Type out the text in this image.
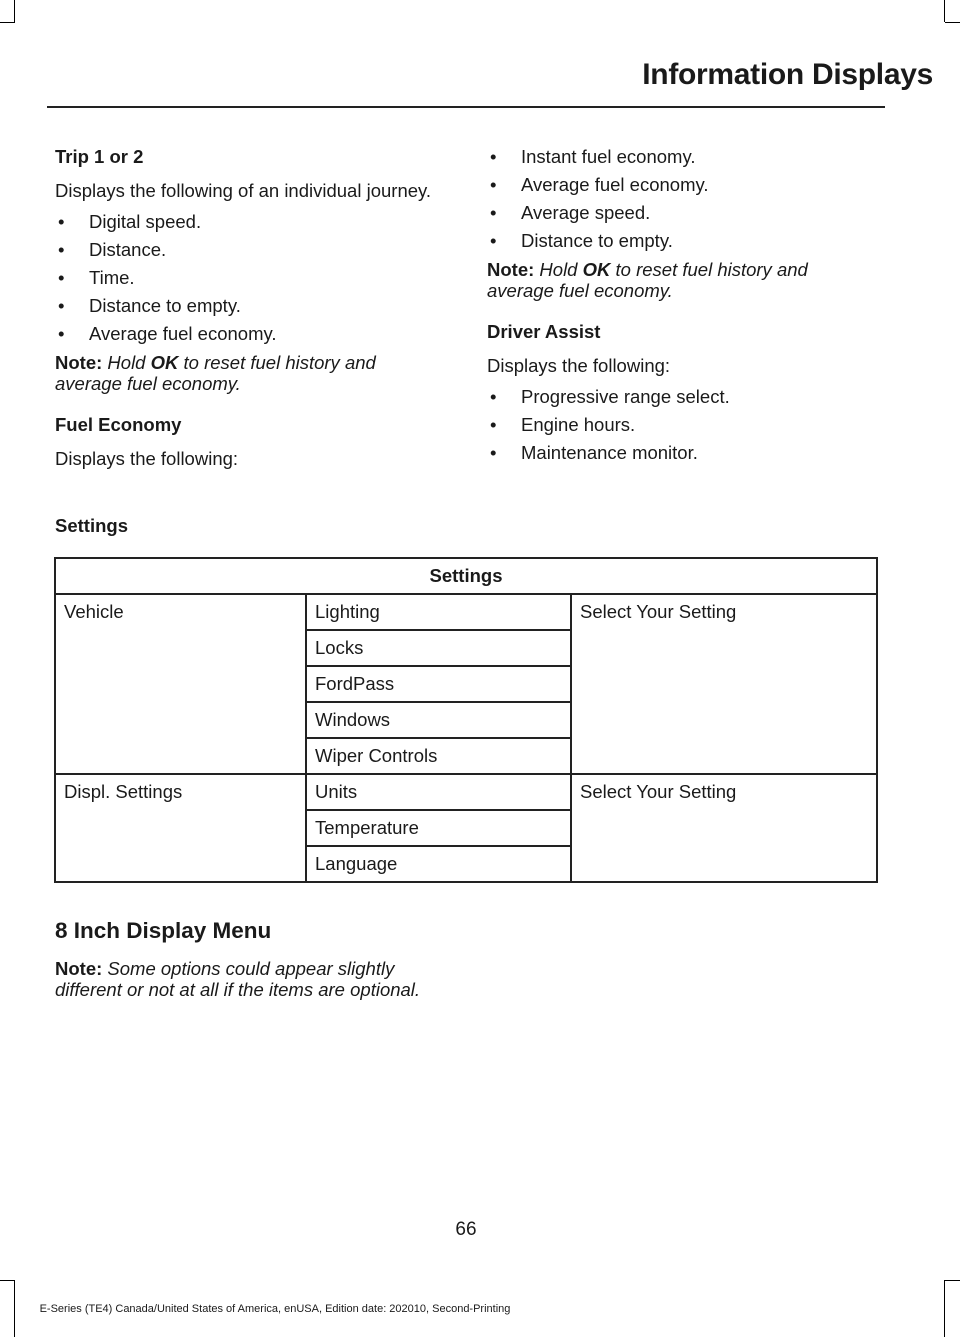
Information Displays
Trip 1 or 2

Displays the following of an individual journey.

• Digital speed.
• Distance.
• Time.
• Distance to empty.
• Average fuel economy.

Note: Hold OK to reset fuel history and average fuel economy.

Fuel Economy

Displays the following:

• Instant fuel economy.
• Average fuel economy.
• Average speed.
• Distance to empty.

Note: Hold OK to reset fuel history and average fuel economy.

Driver Assist

Displays the following:

• Progressive range select.
• Engine hours.
• Maintenance monitor.
Settings
Settings		
Vehicle	Lighting	Select Your Setting
	Locks	
	FordPass	
	Windows	
	Wiper Controls	
Displ. Settings	Units	Select Your Setting
	Temperature	
	Language	
8 Inch Display Menu

Note: Some options could appear slightly different or not at all if the items are optional.

66
E-Series (TE4) Canada/United States of America, enUSA, Edition date: 202010, Second-Printing
